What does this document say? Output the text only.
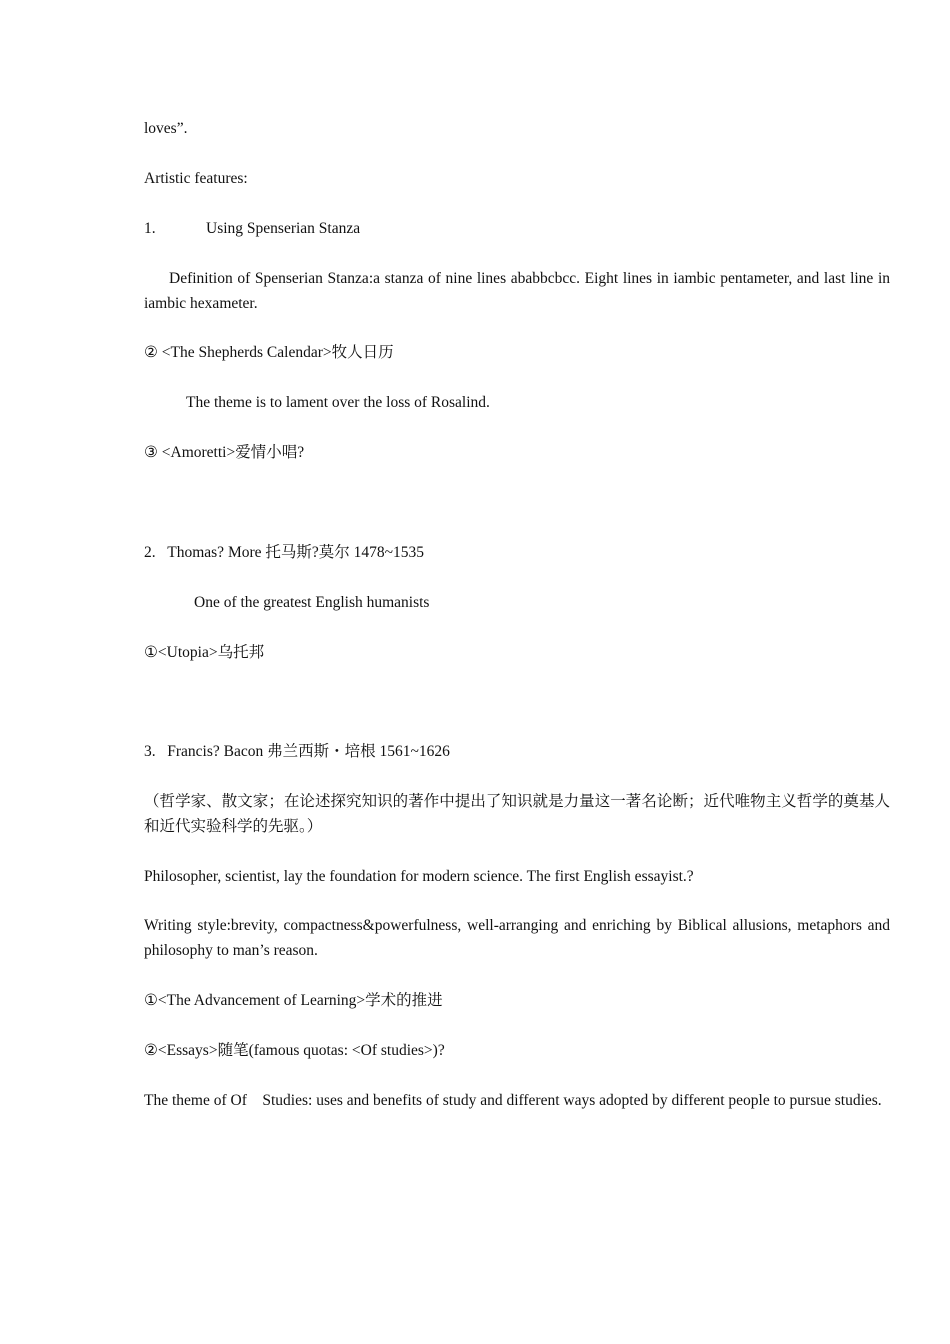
loves”.
Artistic features:
1.	Using Spenserian Stanza
Definition of Spenserian Stanza:a stanza of nine lines ababbcbcc. Eight lines in iambic pentameter, and last line in iambic hexameter.
② <The Shepherds Calendar>牧人日历
The theme is to lament over the loss of Rosalind.
③ <Amoretti>爱情小唱?
2.   Thomas? More 托马斯?莫尔 1478~1535
One of the greatest English humanists
①<Utopia>乌托邦
3.   Francis? Bacon 弗兰西斯・培根 1561~1626
（哲学家、散文家；在论述探究知识的著作中提出了知识就是力量这一著名论断；近代唯物主义哲学的奠基人和近代实验科学的先驱。）
Philosopher, scientist, lay the foundation for modern science. The first English essayist.?
Writing style:brevity, compactness&powerfulness, well-arranging and enriching by Biblical allusions, metaphors and philosophy to man’s reason.
①<The Advancement of Learning>学术的推进
②<Essays>随笔(famous quotas: <Of studies>)?
The theme of Of    Studies: uses and benefits of study and different ways adopted by different people to pursue studies.
